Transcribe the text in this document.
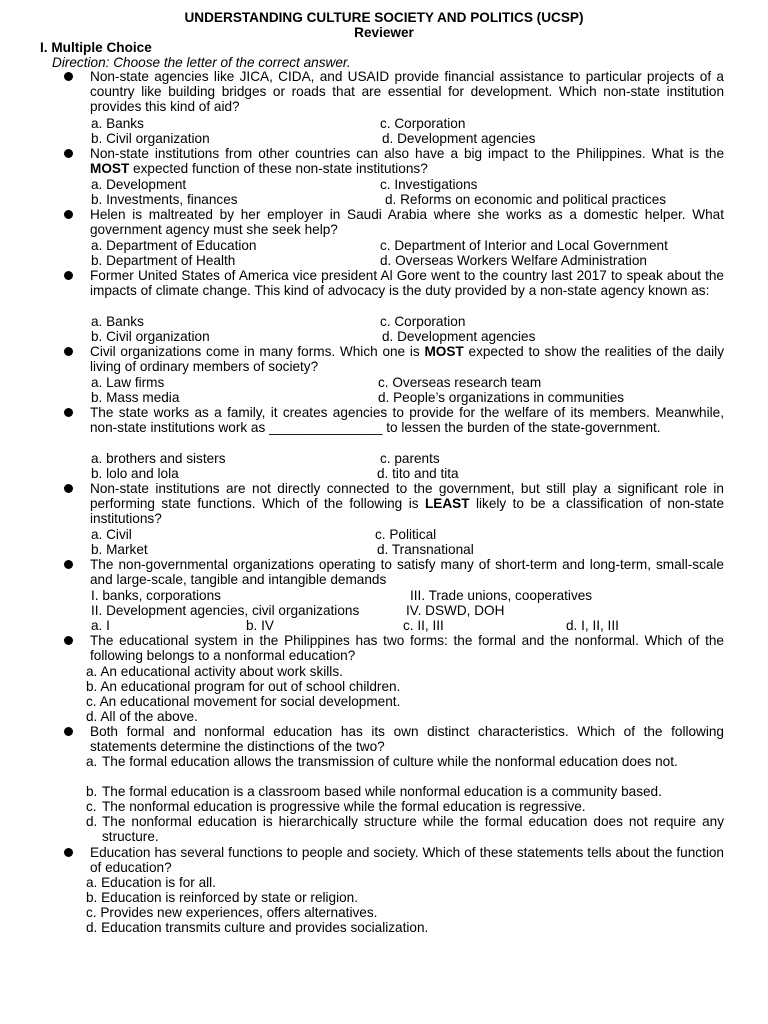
UNDERSTANDING CULTURE SOCIETY AND POLITICS (UCSP)
Reviewer
I. Multiple Choice
Direction: Choose the letter of the correct answer.
Non-state agencies like JICA, CIDA, and USAID provide financial assistance to particular projects of a country like building bridges or roads that are essential for development. Which non-state institution provides this kind of aid?
a. Banks	c. Corporation
b. Civil organization	d. Development agencies
Non-state institutions from other countries can also have a big impact to the Philippines. What is the MOST expected function of these non-state institutions?
a. Development	c. Investigations
b. Investments, finances	d. Reforms on economic and political practices
Helen is maltreated by her employer in Saudi Arabia where she works as a domestic helper. What government agency must she seek help?
a. Department of Education	c. Department of Interior and Local Government
b. Department of Health	d. Overseas Workers Welfare Administration
Former United States of America vice president Al Gore went to the country last 2017 to speak about the impacts of climate change. This kind of advocacy is the duty provided by a non-state agency known as:
a. Banks	c. Corporation
b. Civil organization	d. Development agencies
Civil organizations come in many forms. Which one is MOST expected to show the realities of the daily living of ordinary members of society?
a. Law firms	c. Overseas research team
b. Mass media	d. People’s organizations in communities
The state works as a family, it creates agencies to provide for the welfare of its members. Meanwhile, non-state institutions work as _______________ to lessen the burden of the state-government.
a. brothers and sisters	c. parents
b. lolo and lola	d. tito and tita
Non-state institutions are not directly connected to the government, but still play a significant role in performing state functions. Which of the following is LEAST likely to be a classification of non-state institutions?
a. Civil	c. Political
b. Market	d. Transnational
The non-governmental organizations operating to satisfy many of short-term and long-term, small-scale and large-scale, tangible and intangible demands
I. banks, corporations	III. Trade unions, cooperatives
II. Development agencies, civil organizations	IV. DSWD, DOH
a. I	b. IV	c. II, III	d. I, II, III
The educational system in the Philippines has two forms: the formal and the nonformal. Which of the following belongs to a nonformal education?
a. An educational activity about work skills.
b. An educational program for out of school children.
c. An educational movement for social development.
d. All of the above.
Both formal and nonformal education has its own distinct characteristics. Which of the following statements determine the distinctions of the two?
a. The formal education allows the transmission of culture while the nonformal education does not.
b. The formal education is a classroom based while nonformal education is a community based.
c. The nonformal education is progressive while the formal education is regressive.
d. The nonformal education is hierarchically structure while the formal education does not require any structure.
Education has several functions to people and society. Which of these statements tells about the function of education?
a. Education is for all.
b. Education is reinforced by state or religion.
c. Provides new experiences, offers alternatives.
d. Education transmits culture and provides socialization.
